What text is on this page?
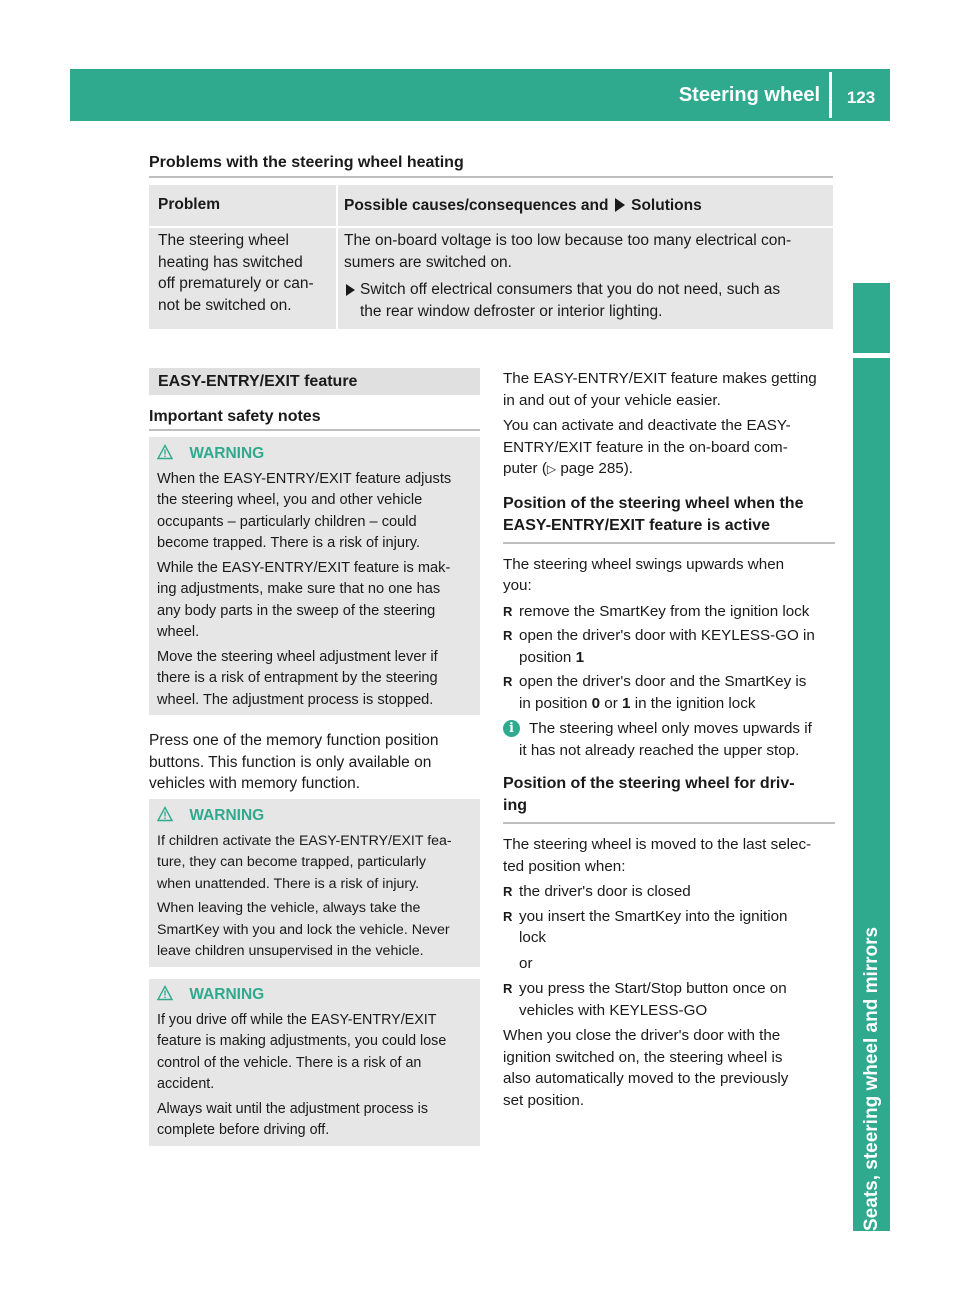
Steering wheel	123
Seats, steering wheel and mirrors
Problems with the steering wheel heating
Problem	Possible causes/consequences and Solutions
The steering wheel
heating has switched
off prematurely or can-
not be switched on.
The on-board voltage is too low because too many electrical con-
sumers are switched on.
Switch off electrical consumers that you do not need, such as
the rear window defroster or interior lighting.
EASY-ENTRY/EXIT feature
Important safety notes
WARNING
When the EASY-ENTRY/EXIT feature adjusts
the steering wheel, you and other vehicle
occupants – particularly children – could
become trapped. There is a risk of injury.
While the EASY-ENTRY/EXIT feature is mak-
ing adjustments, make sure that no one has
any body parts in the sweep of the steering
wheel.
Move the steering wheel adjustment lever if
there is a risk of entrapment by the steering
wheel. The adjustment process is stopped.
Press one of the memory function position
buttons. This function is only available on
vehicles with memory function.
WARNING
If children activate the EASY-ENTRY/EXIT fea-
ture, they can become trapped, particularly
when unattended. There is a risk of injury.
When leaving the vehicle, always take the
SmartKey with you and lock the vehicle. Never
leave children unsupervised in the vehicle.
WARNING
If you drive off while the EASY-ENTRY/EXIT
feature is making adjustments, you could lose
control of the vehicle. There is a risk of an
accident.
Always wait until the adjustment process is
complete before driving off.
The EASY-ENTRY/EXIT feature makes getting
in and out of your vehicle easier.
You can activate and deactivate the EASY-
ENTRY/EXIT feature in the on-board com-
puter (▷ page 285).
Position of the steering wheel when the
EASY-ENTRY/EXIT feature is active
The steering wheel swings upwards when
you:
R remove the SmartKey from the ignition lock
R open the driver's door with KEYLESS-GO in
position 1
R open the driver's door and the SmartKey is
in position 0 or 1 in the ignition lock
i The steering wheel only moves upwards if
it has not already reached the upper stop.
Position of the steering wheel for driv-
ing
The steering wheel is moved to the last selec-
ted position when:
R the driver's door is closed
R you insert the SmartKey into the ignition
lock
or
R you press the Start/Stop button once on
vehicles with KEYLESS-GO
When you close the driver's door with the
ignition switched on, the steering wheel is
also automatically moved to the previously
set position.
